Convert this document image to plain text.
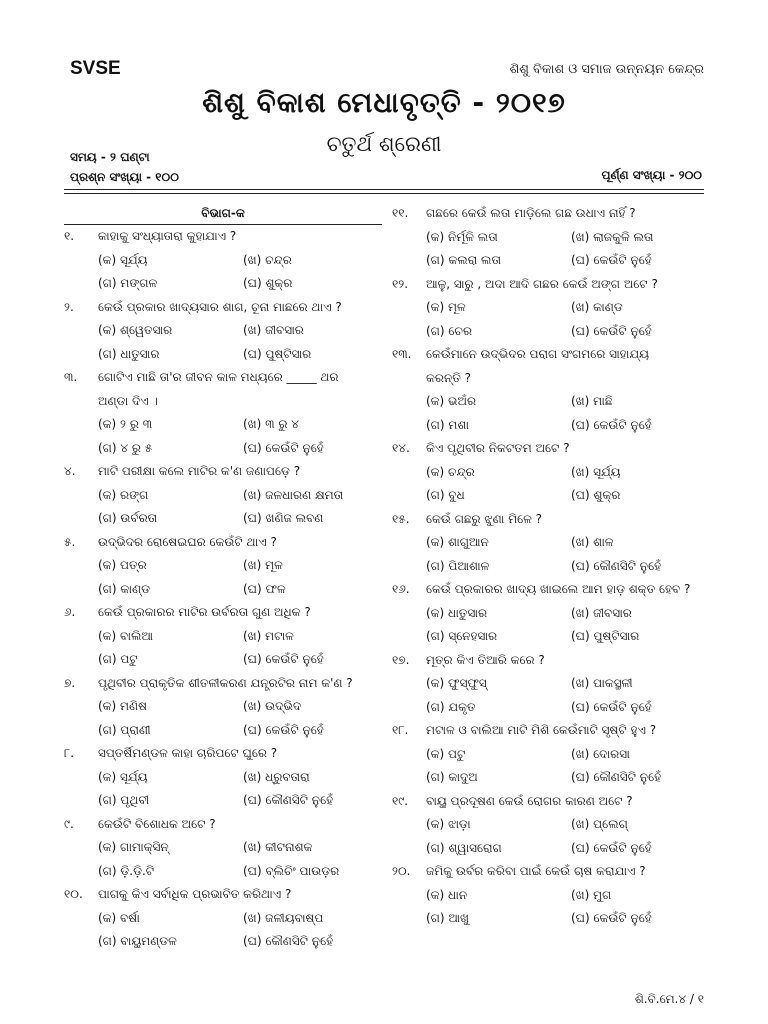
SVSE	ଶିଶୁ ବିକାଶ ଓ ସମାଜ ଉନ୍ନୟନ କେନ୍ଦ୍ର
ଶିଶୁ ବିକାଶ ମେଧାବୃତ୍ତି - ୨୦୧୭
ଚତୁର୍ଥ ଶ୍ରେଣୀ
ସମୟ - ୨ ଘଣ୍ଟା
ପ୍ରଶ୍ନ ସଂଖ୍ୟା - ୧୦୦	ପୂର୍ଣ୍ଣ ସଂଖ୍ୟା - ୨୦୦
ବିଭାଗ-କ
୧.	କାହାକୁ ସଂଧ୍ୟାତାରା କୁହାଯାଏ ?
(କ) ସୂର୍ଯ୍ୟ	(ଖ) ଚନ୍ଦ୍ର
(ଗ) ମଙ୍ଗଳ	(ଘ) ଶୁକ୍ର
୨.	କେଉଁ ପ୍ରକାର ଖାଦ୍ୟସାର ଶାଗ, ଚୂନା ମାଛରେ ଥାଏ ?
(କ) ଶ୍ୱେତସାର	(ଖ) ଜୀବସାର
(ଗ) ଧାତୁସାର	(ଘ) ପୁଷ୍ଟିସାର
୩.	ଗୋଟିଏ ମାଛି ତା'ର ଜୀବନ କାଳ ମଧ୍ୟରେ _____ ଥର
ଅଣ୍ଡା ଦିଏ ।
(କ) ୨ ରୁ ୩	(ଖ) ୩ ରୁ ୪
(ଗ) ୪ ରୁ ୫	(ଘ) କେଉଁଟି ନୁହେଁ
୪.	ମାଟି ପରୀକ୍ଷା କଲେ ମାଟିର କ'ଣ ଜଣାପଡ଼େ ?
(କ) ରଙ୍ଗ	(ଖ) ଜଳଧାରଣ କ୍ଷମତା
(ଗ) ଉର୍ବରତା	(ଘ) ଖଣିଜ ଲବଣ
୫.	ଉଦ୍ଭିଦର ରୋଷେଇଘର କେଉଁଟି ଥାଏ ?
(କ) ପତ୍ର	(ଖ) ମୂଳ
(ଗ) କାଣ୍ଡ	(ଘ) ଫଳ
୬.	କେଉଁ ପ୍ରକାରର ମାଟିର ଉର୍ବରତା ଗୁଣ ଅଧିକ ?
(କ) ବାଲିଆ	(ଖ) ମଟାଳ
(ଗ) ପଟୁ	(ଘ) କେଉଁଟି ନୁହେଁ
୭.	ପୃଥିବୀର ପ୍ରାକୃତିକ ଶୀତଳୀକରଣ ଯନ୍ତ୍ରଟିର ନାମ କ'ଣ ?
(କ) ମଣିଷ	(ଖ) ଉଦ୍ଭିଦ
(ଗ) ପ୍ରାଣୀ	(ଘ) କେଉଁଟି ନୁହେଁ
୮.	ସପ୍ତର୍ଷିମଣ୍ଡଳ କାହା ଚାରିପଟେ ଘୁରେ ?
(କ) ସୂର୍ଯ୍ୟ	(ଖ) ଧ୍ରୁବତାରା
(ଗ) ପୃଥିବୀ	(ଘ) କୌଣସିଟି ନୁହେଁ
୯.	କେଉଁଟି ବିଶୋଧକ ଅଟେ ?
(କ) ଗାମାକ୍ସିନ୍	(ଖ) କୀଟନାଶକ
(ଗ) ଡ଼ି.ଡ଼ି.ଟି	(ଘ) ବ୍ଲିଚିଂ ପାଉଡ଼ର
୧୦.	ପାଗକୁ କିଏ ସର୍ବାଧିକ ପ୍ରଭାବିତ କରିଥାଏ ?
(କ) ବର୍ଷା	(ଖ) ଜଳୀୟବାଷ୍ପ
(ଗ) ବାୟୁମଣ୍ଡଳ	(ଘ) କୌଣସିଟି ନୁହେଁ
୧୧.	ଗଛରେ କେଉଁ ଲତା ମାଡ଼ିଲେ ଗଛ ଉଧାଏ ନାହିଁ ?
(କ) ନିର୍ମୂଳି ଲତା	(ଖ) ଲାଜକୁଳି ଲତା
(ଗ) କଲରା ଲତା	(ଘ) କେଉଁଟି ନୁହେଁ
୧୨.	ଆଳୁ, ସାରୁ , ଅଦା ଆଦି ଗଛର କେଉଁ ଅଙ୍ଗ ଅଟେ ?
(କ) ମୂଳ	(ଖ) କାଣ୍ଡ
(ଗ) ଚେର	(ଘ) କେଉଁଟି ନୁହେଁ
୧୩.	କେଉଁମାନେ ଉଦ୍ଭିଦର ପରାଗ ସଂଗମରେ ସାହାଯ୍ୟ
କରନ୍ତି ?
(କ) ଭଅଁର	(ଖ) ମାଛି
(ଗ) ମଶା	(ଘ) କେଉଁଟି ନୁହେଁ
୧୪.	କିଏ ପୃଥିବୀର ନିକଟତମ ଅଟେ ?
(କ) ଚନ୍ଦ୍ର	(ଖ) ସୂର୍ଯ୍ୟ
(ଗ) ବୁଧ	(ଘ) ଶୁକ୍ର
୧୫.	କେଉଁ ଗଛରୁ ଝୁଣା ମିଳେ ?
(କ) ଶାଗୁଆନ	(ଖ) ଶାଳ
(ଗ) ପିଆଶାଳ	(ଘ) କୌଣସିଟି ନୁହେଁ
୧୬.	କେଉଁ ପ୍ରକାରର ଖାଦ୍ୟ ଖାଇଲେ ଆମ ହାଡ଼ ଶକ୍ତ ହେବ ?
(କ) ଧାତୁସାର	(ଖ) ଜୀବସାର
(ଗ) ସ୍ନେହସାର	(ଘ) ପୁଷ୍ଟିସାର
୧୭.	ମୂତ୍ର କିଏ ତିଆରି କରେ ?
(କ) ଫୁସ୍‌ଫୁସ୍	(ଖ) ପାକସ୍ଥଳୀ
(ଗ) ଯକୃତ	(ଘ) କେଉଁଟି ନୁହେଁ
୧୮.	ମଟାଳ ଓ ବାଲିଆ ମାଟି ମିଶି କେଉଁମାଟି ସୃଷ୍ଟି ହୁଏ ?
(କ) ପଟୁ	(ଖ) ଦୋରସା
(ଗ) କାଦୁଅ	(ଘ) କୌଣସିଟି ନୁହେଁ
୧୯.	ବାୟୁ ପ୍ରଦୂଷଣ କେଉଁ ରୋଗର କାରଣ ଅଟେ ?
(କ) ଝାଡ଼ା	(ଖ) ପ୍ଲେଗ୍
(ଗ) ଶ୍ୱାସରୋଗ	(ଘ) କେଉଁଟି ନୁହେଁ
୨୦.	ଜମିକୁ ଉର୍ବର କରିବା ପାଇଁ କେଉଁ ଚାଷ କରାଯାଏ ?
(କ) ଧାନ	(ଖ) ମୁଗ
(ଗ) ଆଖୁ	(ଘ) କେଉଁଟି ନୁହେଁ
ଶି.ବି.ମେ.୪ / ୧
